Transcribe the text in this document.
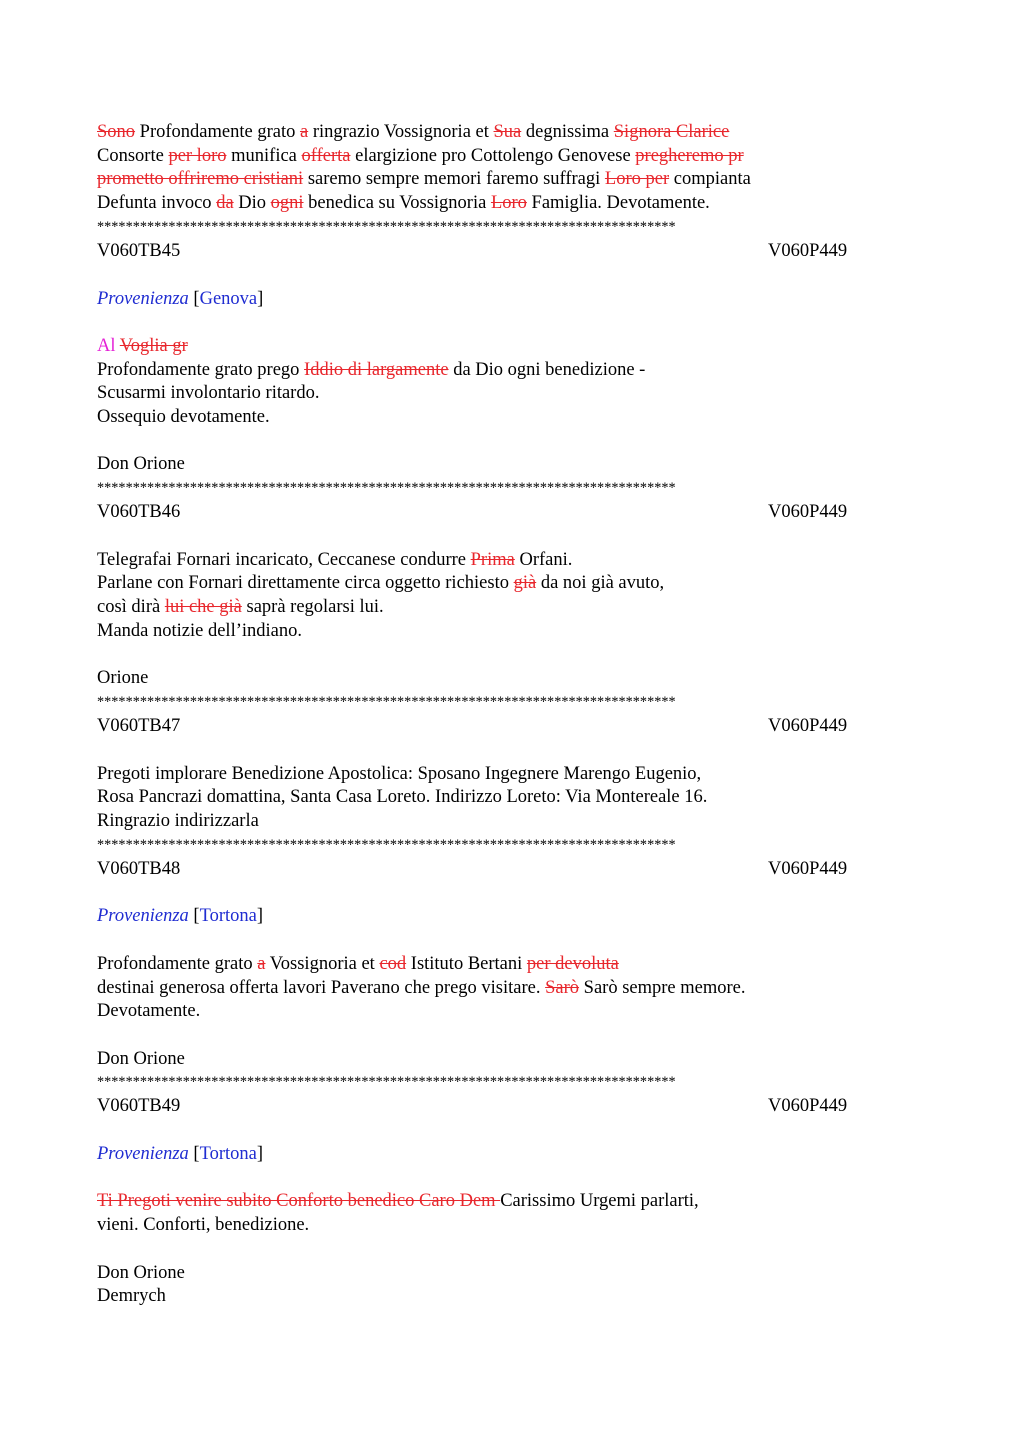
Sono Profondamente grato a ringrazio Vossignoria et Sua degnissima Signora Clarice
Consorte per loro munifica offerta elargizione pro Cottolengo Genovese pregheremo pr
prometto offriremo cristiani saremo sempre memori faremo suffragi Loro per compianta
Defunta invoco da Dio ogni benedica su Vossignoria Loro Famiglia. Devotamente.
*********************************************************************************
V060TB45	V060P449
Provenienza [Genova]
Al Voglia gr
Profondamente grato prego Iddio di largamente da Dio ogni benedizione -
Scusarmi involontario ritardo.
Ossequio devotamente.
Don Orione
*********************************************************************************
V060TB46	V060P449
Telegrafai Fornari incaricato, Ceccanese condurre Prima Orfani.
Parlane con Fornari direttamente circa oggetto richiesto già da noi già avuto,
così dirà lui che già saprà regolarsi lui.
Manda notizie dell’indiano.
Orione
*********************************************************************************
V060TB47	V060P449
Pregoti implorare Benedizione Apostolica: Sposano Ingegnere Marengo Eugenio,
Rosa Pancrazi domattina, Santa Casa Loreto. Indirizzo Loreto: Via Montereale 16.
Ringrazio indirizzarla
*********************************************************************************
V060TB48	V060P449
Provenienza [Tortona]
Profondamente grato a Vossignoria et cod Istituto Bertani per devoluta
destinai generosa offerta lavori Paverano che prego visitare. Sarò Sarò sempre memore.
Devotamente.
Don Orione
*********************************************************************************
V060TB49	V060P449
Provenienza [Tortona]
Ti Pregoti venire subito Conforto benedico Caro Dem Carissimo Urgemi parlarti,
vieni. Conforti, benedizione.
Don Orione
Demrych
